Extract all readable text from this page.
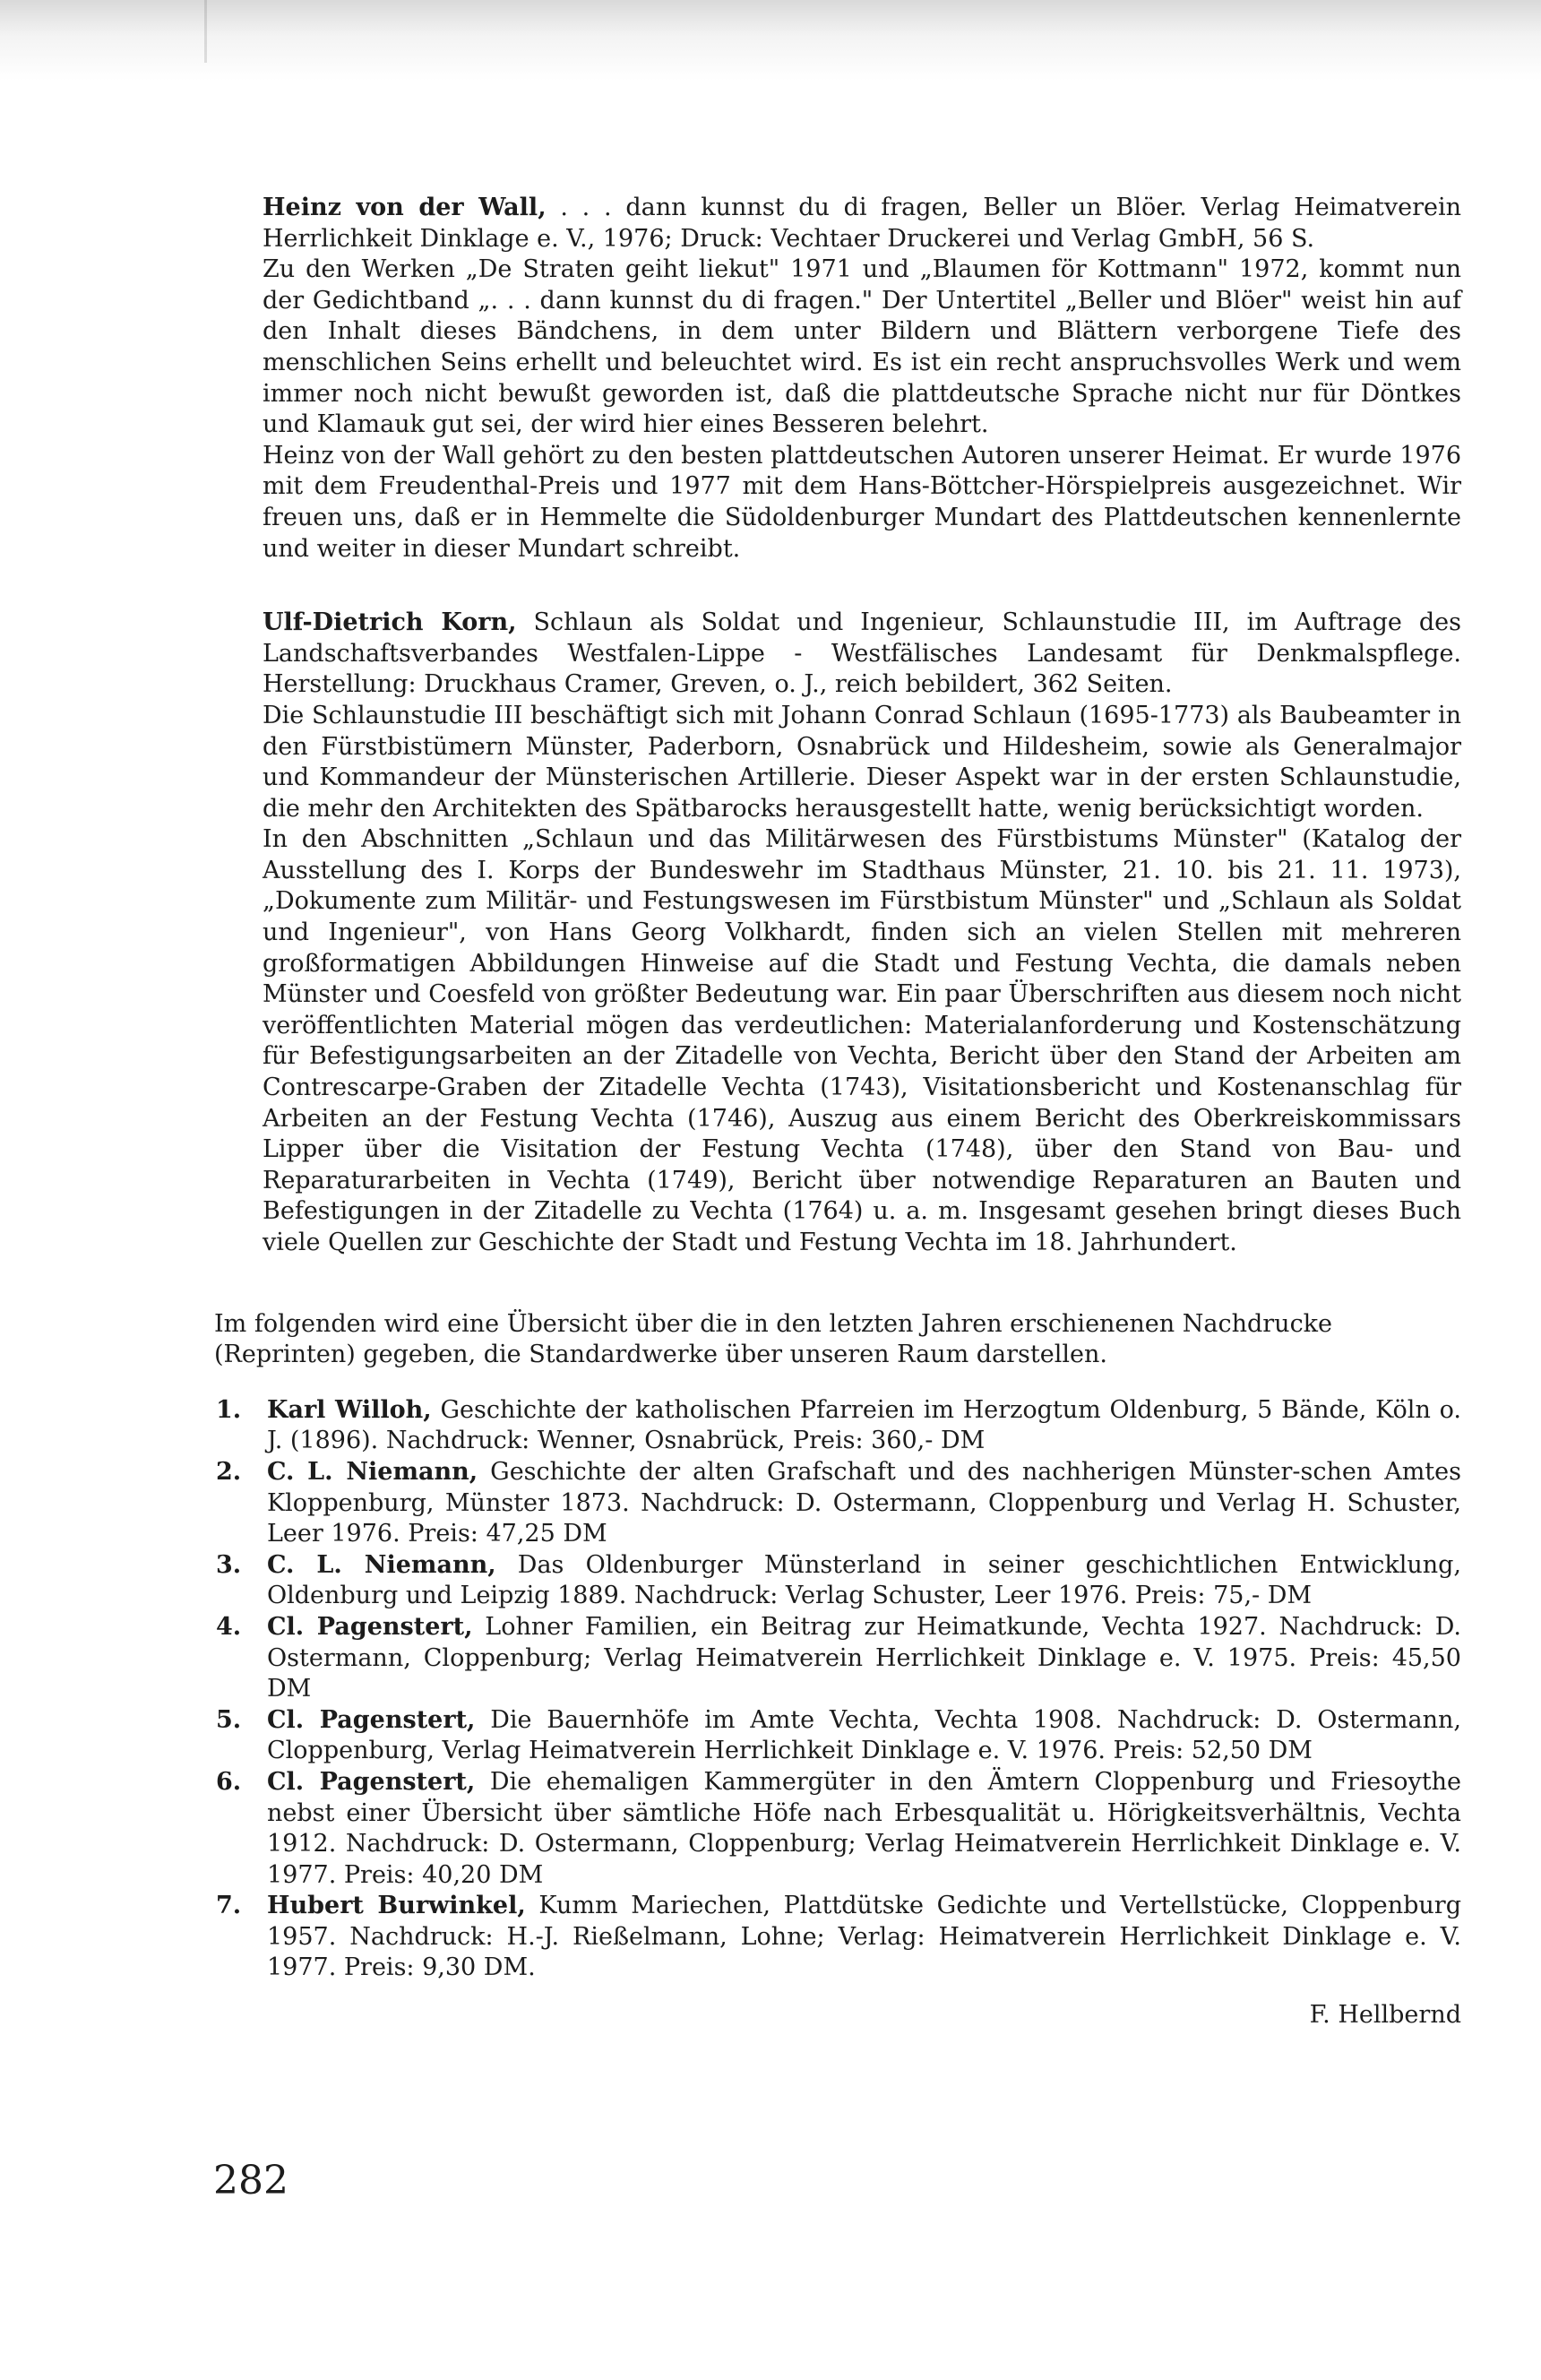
Heinz von der Wall, . . . dann kunnst du di fragen, Beller un Blöer. Verlag Heimatverein Herrlichkeit Dinklage e. V., 1976; Druck: Vechtaer Druckerei und Verlag GmbH, 56 S.

Zu den Werken „De Straten geiht liekut" 1971 und „Blaumen för Kottmann" 1972, kommt nun der Gedichtband „. . . dann kunnst du di fragen." Der Untertitel „Beller und Blöer" weist hin auf den Inhalt dieses Bändchens, in dem unter Bildern und Blättern verborgene Tiefe des menschlichen Seins erhellt und beleuchtet wird. Es ist ein recht anspruchsvolles Werk und wem immer noch nicht bewußt geworden ist, daß die plattdeutsche Sprache nicht nur für Döntkes und Klamauk gut sei, der wird hier eines Besseren belehrt.

Heinz von der Wall gehört zu den besten plattdeutschen Autoren unserer Heimat. Er wurde 1976 mit dem Freudenthal-Preis und 1977 mit dem Hans-Böttcher-Hörspielpreis ausgezeichnet. Wir freuen uns, daß er in Hemmelte die Südoldenburger Mundart des Plattdeutschen kennenlernte und weiter in dieser Mundart schreibt.

Ulf-Dietrich Korn, Schlaun als Soldat und Ingenieur, Schlaunstudie III, im Auftrage des Landschaftsverbandes Westfalen-Lippe - Westfälisches Landesamt für Denkmalspflege. Herstellung: Druckhaus Cramer, Greven, o. J., reich bebildert, 362 Seiten.

Die Schlaunstudie III beschäftigt sich mit Johann Conrad Schlaun (1695-1773) als Baubeamter in den Fürstbistümern Münster, Paderborn, Osnabrück und Hildesheim, sowie als Generalmajor und Kommandeur der Münsterischen Artillerie. Dieser Aspekt war in der ersten Schlaunstudie, die mehr den Architekten des Spätbarocks herausgestellt hatte, wenig berücksichtigt worden.

In den Abschnitten „Schlaun und das Militärwesen des Fürstbistums Münster" (Katalog der Ausstellung des I. Korps der Bundeswehr im Stadthaus Münster, 21. 10. bis 21. 11. 1973), „Dokumente zum Militär- und Festungswesen im Fürstbistum Münster" und „Schlaun als Soldat und Ingenieur", von Hans Georg Volkhardt, finden sich an vielen Stellen mit mehreren großformatigen Abbildungen Hinweise auf die Stadt und Festung Vechta, die damals neben Münster und Coesfeld von größter Bedeutung war. Ein paar Überschriften aus diesem noch nicht veröffentlichten Material mögen das verdeutlichen: Materialanforderung und Kostenschätzung für Befestigungsarbeiten an der Zitadelle von Vechta, Bericht über den Stand der Arbeiten am Contrescarpe-Graben der Zitadelle Vechta (1743), Visitationsbericht und Kostenanschlag für Arbeiten an der Festung Vechta (1746), Auszug aus einem Bericht des Oberkreiskommissars Lipper über die Visitation der Festung Vechta (1748), über den Stand von Bau- und Reparaturarbeiten in Vechta (1749), Bericht über notwendige Reparaturen an Bauten und Befestigungen in der Zitadelle zu Vechta (1764) u. a. m. Insgesamt gesehen bringt dieses Buch viele Quellen zur Geschichte der Stadt und Festung Vechta im 18. Jahrhundert.

Im folgenden wird eine Übersicht über die in den letzten Jahren erschienenen Nachdrucke (Reprinten) gegeben, die Standardwerke über unseren Raum darstellen.

1. Karl Willoh, Geschichte der katholischen Pfarreien im Herzogtum Oldenburg, 5 Bände, Köln o. J. (1896). Nachdruck: Wenner, Osnabrück, Preis: 360,- DM
2. C. L. Niemann, Geschichte der alten Grafschaft und des nachherigen Münster-schen Amtes Kloppenburg, Münster 1873. Nachdruck: D. Ostermann, Cloppenburg und Verlag H. Schuster, Leer 1976. Preis: 47,25 DM
3. C. L. Niemann, Das Oldenburger Münsterland in seiner geschichtlichen Entwicklung, Oldenburg und Leipzig 1889. Nachdruck: Verlag Schuster, Leer 1976. Preis: 75,- DM
4. Cl. Pagenstert, Lohner Familien, ein Beitrag zur Heimatkunde, Vechta 1927. Nachdruck: D. Ostermann, Cloppenburg; Verlag Heimatverein Herrlichkeit Dinklage e. V. 1975. Preis: 45,50 DM
5. Cl. Pagenstert, Die Bauernhöfe im Amte Vechta, Vechta 1908. Nachdruck: D. Ostermann, Cloppenburg, Verlag Heimatverein Herrlichkeit Dinklage e. V. 1976. Preis: 52,50 DM
6. Cl. Pagenstert, Die ehemaligen Kammergüter in den Ämtern Cloppenburg und Friesoythe nebst einer Übersicht über sämtliche Höfe nach Erbesqualität u. Hörigkeitsverhältnis, Vechta 1912. Nachdruck: D. Ostermann, Cloppenburg; Verlag Heimatverein Herrlichkeit Dinklage e. V. 1977. Preis: 40,20 DM
7. Hubert Burwinkel, Kumm Mariechen, Plattdütske Gedichte und Vertellstücke, Cloppenburg 1957. Nachdruck: H.-J. Rießelmann, Lohne; Verlag: Heimatverein Herrlichkeit Dinklage e. V. 1977. Preis: 9,30 DM.

F. Hellbernd

282
